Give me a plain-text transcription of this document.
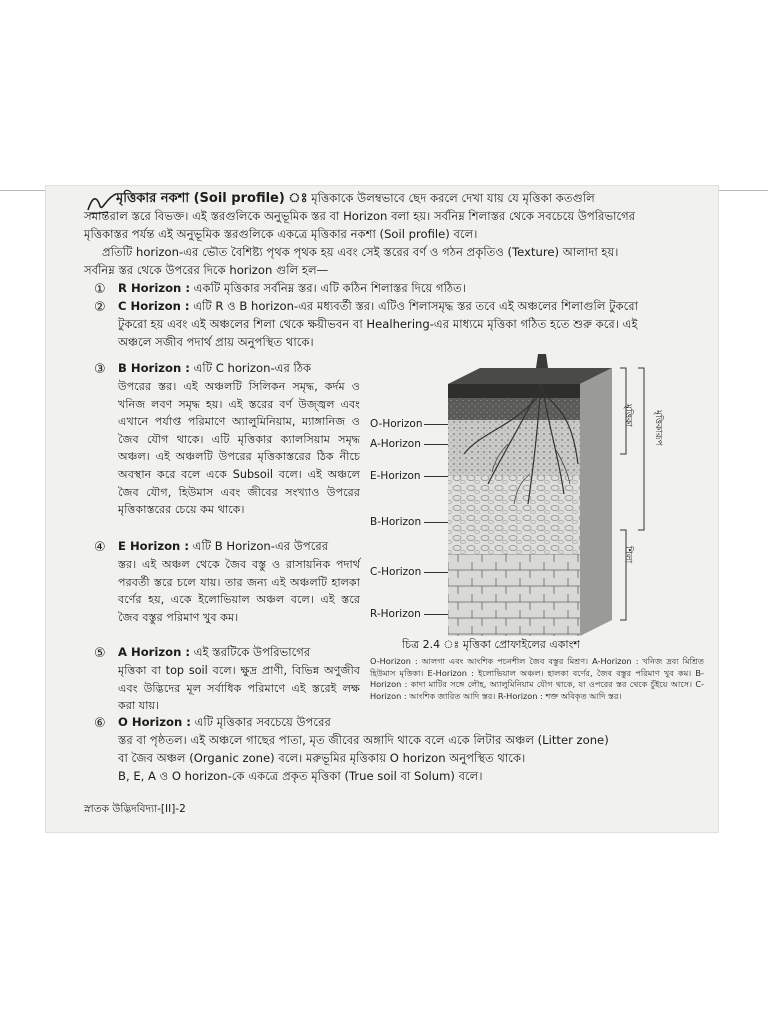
মৃত্তিকার নকশা (Soil profile) ঃ মৃত্তিকাকে উলম্বভাবে ছেদ করলে দেখা যায় যে মৃত্তিকা কতগুলি
সমান্তরাল স্তরে বিভক্ত। এই স্তরগুলিকে অনুভূমিক স্তর বা Horizon বলা হয়। সর্বনিম্ন শিলাস্তর থেকে সবচেয়ে উপরিভাগের
মৃত্তিকাস্তর পর্যন্ত এই অনুভূমিক স্তরগুলিকে একত্রে মৃত্তিকার নকশা (Soil profile) বলে।
প্রতিটি horizon-এর ভৌত বৈশিষ্ট্য পৃথক পৃথক হয় এবং সেই স্তরের বর্ণ ও গঠন প্রকৃতিও (Texture) আলাদা হয়।
সর্বনিম্ন স্তর থেকে উপরের দিকে horizon গুলি হল—
① R Horizon : একটি মৃত্তিকার সর্বনিম্ন স্তর। এটি কঠিন শিলাস্তর দিয়ে গঠিত।
② C Horizon : এটি R ও B horizon-এর মধ্যবর্তী স্তর। এটিও শিলাসমৃদ্ধ স্তর তবে এই অঞ্চলের শিলাগুলি টুকরো
টুকরো হয় এবং এই অঞ্চলের শিলা থেকে ক্ষয়ীভবন বা Healhering-এর মাধ্যমে মৃত্তিকা গঠিত হতে শুরু করে। এই
অঞ্চলে সজীব পদার্থ প্রায় অনুপস্থিত থাকে।
③ B Horizon : এটি C horizon-এর ঠিক
উপরের স্তর। এই অঞ্চলটি সিলিকন সমৃদ্ধ, কর্দম ও খনিজ লবণ সমৃদ্ধ হয়। এই স্তরের বর্ণ উজ্জ্বল এবং এখানে পর্যাপ্ত পরিমাণে অ্যালুমিনিয়াম, ম্যাঙ্গানিজ ও জৈব যৌগ থাকে। এটি মৃত্তিকার ক্যালসিয়াম সমৃদ্ধ অঞ্চল। এই অঞ্চলটি উপরের মৃত্তিকাস্তরের ঠিক নীচে অবস্থান করে বলে একে Subsoil বলে। এই অঞ্চলে জৈব যৌগ, হিউমাস এবং জীবের সংখ্যাও উপরের মৃত্তিকাস্তরের চেয়ে কম থাকে।
④ E Horizon : এটি B Horizon-এর উপরের
স্তর। এই অঞ্চল থেকে জৈব বস্তু ও রাসায়নিক পদার্থ পরবর্তী স্তরে চলে যায়। তার জন্য এই অঞ্চলটি হালকা বর্ণের হয়, একে ইলোভিয়াল অঞ্চল বলে। এই স্তরে জৈব বস্তুর পরিমাণ খুব কম।
⑤ A Horizon : এই স্তরটিকে উপরিভাগের
মৃত্তিকা বা top soil বলে। ক্ষুদ্র প্রাণী, বিভিন্ন অণুজীব এবং উদ্ভিদের মূল সর্বাধিক পরিমাণে এই স্তরেই লক্ষ করা যায়।
⑥ O Horizon : এটি মৃত্তিকার সবচেয়ে উপরের
স্তর বা পৃষ্ঠতল। এই অঞ্চলে গাছের পাতা, মৃত জীবের অঙ্গাদি থাকে বলে একে লিটার অঞ্চল (Litter zone)
বা জৈব অঞ্চল (Organic zone) বলে। মরুভূমির মৃত্তিকায় O horizon অনুপস্থিত থাকে।
B, E, A ও O horizon-কে একত্রে প্রকৃত মৃত্তিকা (True soil বা Solum) বলে।
O-Horizon
A-Horizon
E-Horizon
B-Horizon
C-Horizon
R-Horizon
মৃত্তিকা	মৃত্তিকারূপ
শিলা
চিত্র 2.4 ঃ মৃত্তিকা প্রোফাইলের একাংশ
O-Horizon : আলগা এবং আংশিক পচনশীল জৈব বস্তুর মিশ্রণ। A-Horizon : খনিজ দ্রব্য মিশ্রিত হিউমাস মৃত্তিকা। E-Horizon : ইলোভিয়াল অঞ্চল। হালকা বর্ণের, জৈব বস্তুর পরিমাণ খুব কম। B-Horizon : কাদা মাটির সঙ্গে লৌহ, অ্যালুমিনিয়াম যৌগ থাকে, যা ওপরের স্তর থেকে চুঁইয়ে আসে। C-Horizon : আংশিক জারিত আদি স্তর। R-Horizon : শক্ত অবিকৃত আদি স্তর।
স্নাতক উদ্ভিদবিদ্যা-[II]-2
